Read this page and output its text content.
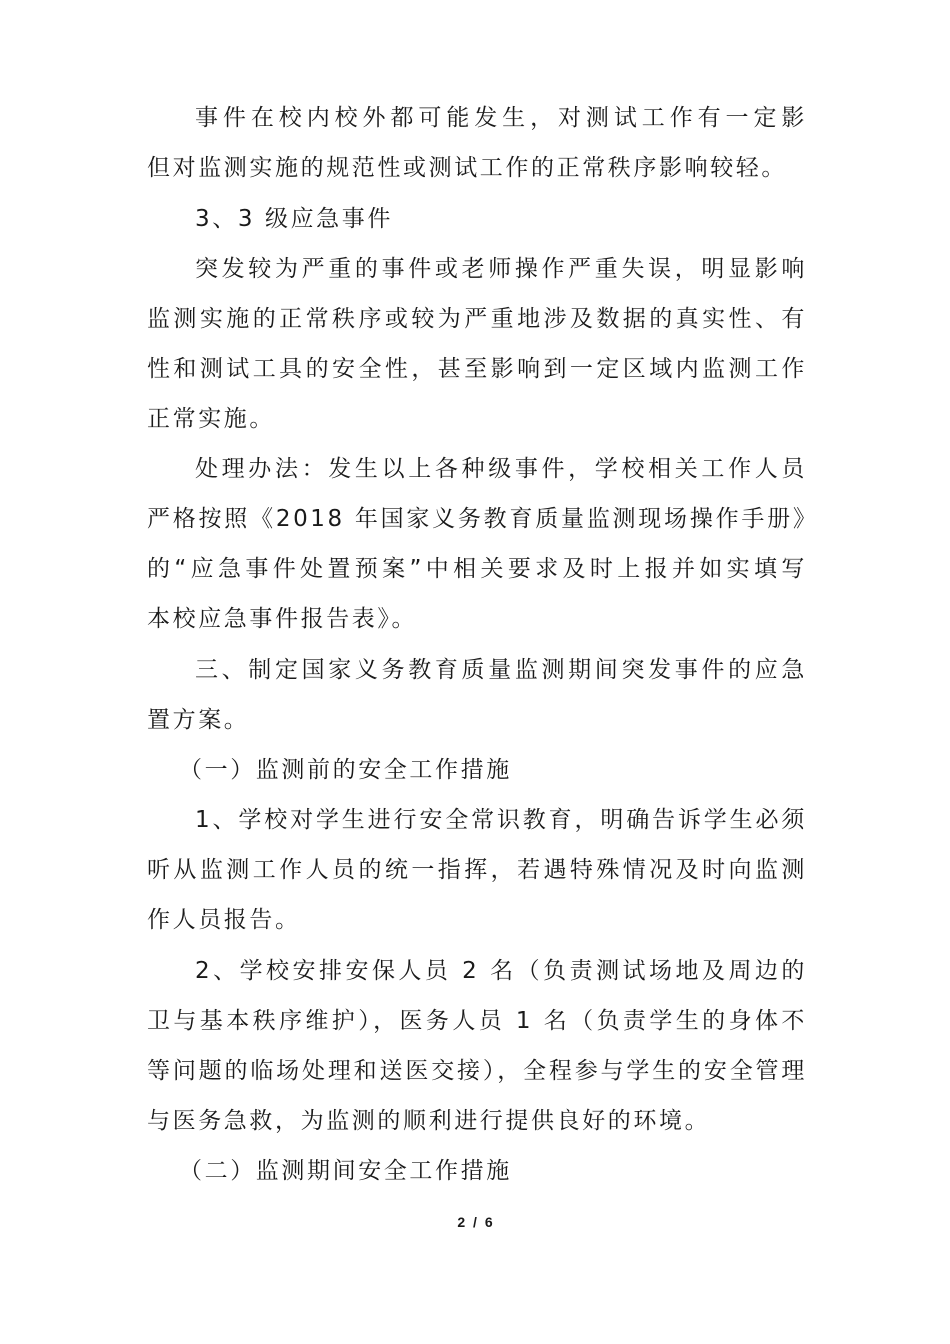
事件在校内校外都可能发生，对测试工作有一定影
但对监测实施的规范性或测试工作的正常秩序影响较轻。
3、3 级应急事件
突发较为严重的事件或老师操作严重失误，明显影响
监测实施的正常秩序或较为严重地涉及数据的真实性、有
性和测试工具的安全性，甚至影响到一定区域内监测工作
正常实施。
处理办法：发生以上各种级事件，学校相关工作人员
严格按照《2018 年国家义务教育质量监测现场操作手册》
的“应急事件处置预案”中相关要求及时上报并如实填写
本校应急事件报告表》。
三、制定国家义务教育质量监测期间突发事件的应急
置方案。
（一）监测前的安全工作措施
1、学校对学生进行安全常识教育，明确告诉学生必须
听从监测工作人员的统一指挥，若遇特殊情况及时向监测
作人员报告。
2、学校安排安保人员 2 名（负责测试场地及周边的
卫与基本秩序维护），医务人员 1 名（负责学生的身体不
等问题的临场处理和送医交接），全程参与学生的安全管理
与医务急救，为监测的顺利进行提供良好的环境。
（二）监测期间安全工作措施
2 / 6
